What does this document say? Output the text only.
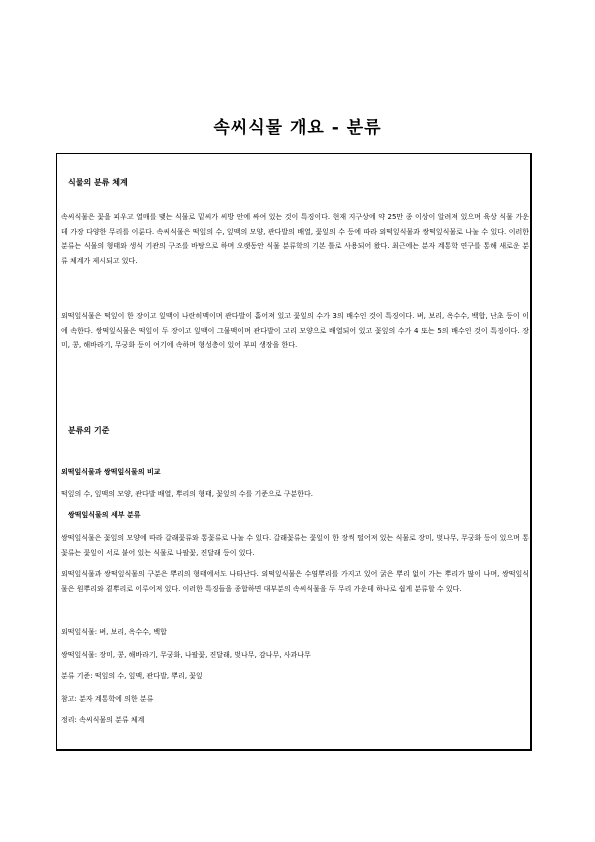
속씨식물 개요 - 분류
식물의 분류 체계
속씨식물은 꽃을 피우고 열매를 맺는 식물로 밑씨가 씨방 안에 싸여 있는 것이 특징이다. 현재 지구상에 약 25만 종 이상이 알려져 있으며 육상 식물 가운데 가장 다양한 무리를 이룬다. 속씨식물은 떡잎의 수, 잎맥의 모양, 관다발의 배열, 꽃잎의 수 등에 따라 외떡잎식물과 쌍떡잎식물로 나눌 수 있다. 이러한 분류는 식물의 형태와 생식 기관의 구조를 바탕으로 하며 오랫동안 식물 분류학의 기본 틀로 사용되어 왔다. 최근에는 분자 계통학 연구를 통해 새로운 분류 체계가 제시되고 있다.
외떡잎식물은 떡잎이 한 장이고 잎맥이 나란히맥이며 관다발이 흩어져 있고 꽃잎의 수가 3의 배수인 것이 특징이다. 벼, 보리, 옥수수, 백합, 난초 등이 이에 속한다. 쌍떡잎식물은 떡잎이 두 장이고 잎맥이 그물맥이며 관다발이 고리 모양으로 배열되어 있고 꽃잎의 수가 4 또는 5의 배수인 것이 특징이다. 장미, 콩, 해바라기, 무궁화 등이 여기에 속하며 형성층이 있어 부피 생장을 한다.
분류의 기준
외떡잎식물과 쌍떡잎식물의 비교
떡잎의 수, 잎맥의 모양, 관다발 배열, 뿌리의 형태, 꽃잎의 수를 기준으로 구분한다.
쌍떡잎식물의 세부 분류
쌍떡잎식물은 꽃잎의 모양에 따라 갈래꽃류와 통꽃류로 나눌 수 있다. 갈래꽃류는 꽃잎이 한 장씩 떨어져 있는 식물로 장미, 벚나무, 무궁화 등이 있으며 통꽃류는 꽃잎이 서로 붙어 있는 식물로 나팔꽃, 진달래 등이 있다.
외떡잎식물과 쌍떡잎식물의 구분은 뿌리의 형태에서도 나타난다. 외떡잎식물은 수염뿌리를 가지고 있어 굵은 뿌리 없이 가는 뿌리가 많이 나며, 쌍떡잎식물은 원뿌리와 곁뿌리로 이루어져 있다. 이러한 특징들을 종합하면 대부분의 속씨식물을 두 무리 가운데 하나로 쉽게 분류할 수 있다.
외떡잎식물: 벼, 보리, 옥수수, 백합
쌍떡잎식물: 장미, 콩, 해바라기, 무궁화, 나팔꽃, 진달래, 벚나무, 감나무, 사과나무
분류 기준: 떡잎의 수, 잎맥, 관다발, 뿌리, 꽃잎
참고: 분자 계통학에 의한 분류
정리: 속씨식물의 분류 체계
